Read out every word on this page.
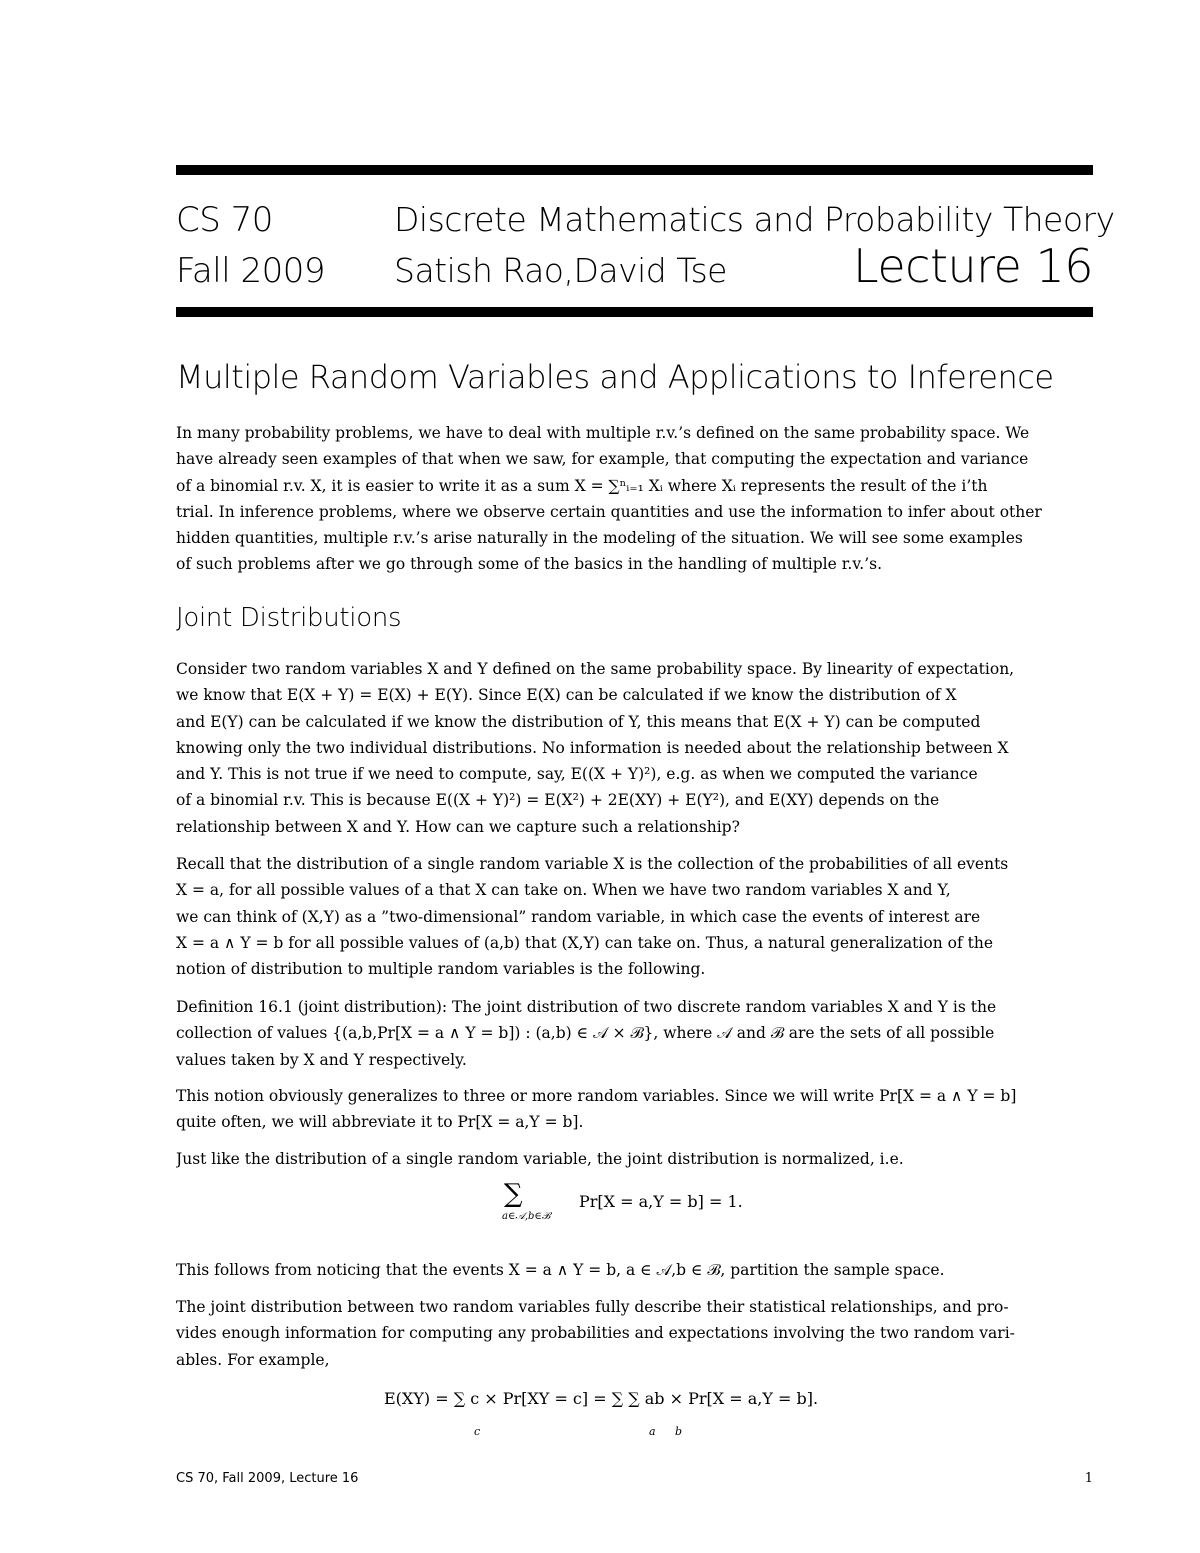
CS 70
Fall 2009
Discrete Mathematics and Probability Theory
Satish Rao,David Tse	Lecture 16
Multiple Random Variables and Applications to Inference
In many probability problems, we have to deal with multiple r.v.’s defined on the same probability space. We
have already seen examples of that when we saw, for example, that computing the expectation and variance
of a binomial r.v. X, it is easier to write it as a sum X = ∑ⁿᵢ₌₁ Xᵢ where Xᵢ represents the result of the i’th
trial. In inference problems, where we observe certain quantities and use the information to infer about other
hidden quantities, multiple r.v.’s arise naturally in the modeling of the situation. We will see some examples
of such problems after we go through some of the basics in the handling of multiple r.v.’s.
Joint Distributions
Consider two random variables X and Y defined on the same probability space. By linearity of expectation,
we know that E(X + Y) = E(X) + E(Y). Since E(X) can be calculated if we know the distribution of X
and E(Y) can be calculated if we know the distribution of Y, this means that E(X + Y) can be computed
knowing only the two individual distributions. No information is needed about the relationship between X
and Y. This is not true if we need to compute, say, E((X + Y)²), e.g. as when we computed the variance
of a binomial r.v. This is because E((X + Y)²) = E(X²) + 2E(XY) + E(Y²), and E(XY) depends on the
relationship between X and Y. How can we capture such a relationship?
Recall that the distribution of a single random variable X is the collection of the probabilities of all events
X = a, for all possible values of a that X can take on. When we have two random variables X and Y,
we can think of (X,Y) as a ”two-dimensional” random variable, in which case the events of interest are
X = a ∧ Y = b for all possible values of (a,b) that (X,Y) can take on. Thus, a natural generalization of the
notion of distribution to multiple random variables is the following.
Definition 16.1 (joint distribution): The joint distribution of two discrete random variables X and Y is the
collection of values {(a,b,Pr[X = a ∧ Y = b]) : (a,b) ∈ 𝒜 × ℬ}, where 𝒜 and ℬ are the sets of all possible
values taken by X and Y respectively.
This notion obviously generalizes to three or more random variables. Since we will write Pr[X = a ∧ Y = b]
quite often, we will abbreviate it to Pr[X = a,Y = b].
Just like the distribution of a single random variable, the joint distribution is normalized, i.e.
∑
a∈𝒜,b∈ℬ
Pr[X = a,Y = b] = 1.
This follows from noticing that the events X = a ∧ Y = b, a ∈ 𝒜,b ∈ ℬ, partition the sample space.
The joint distribution between two random variables fully describe their statistical relationships, and pro-
vides enough information for computing any probabilities and expectations involving the two random vari-
ables. For example,
E(XY) = ∑ c × Pr[XY = c] = ∑ ∑ ab × Pr[X = a,Y = b].
c	a b
CS 70, Fall 2009, Lecture 16	1
